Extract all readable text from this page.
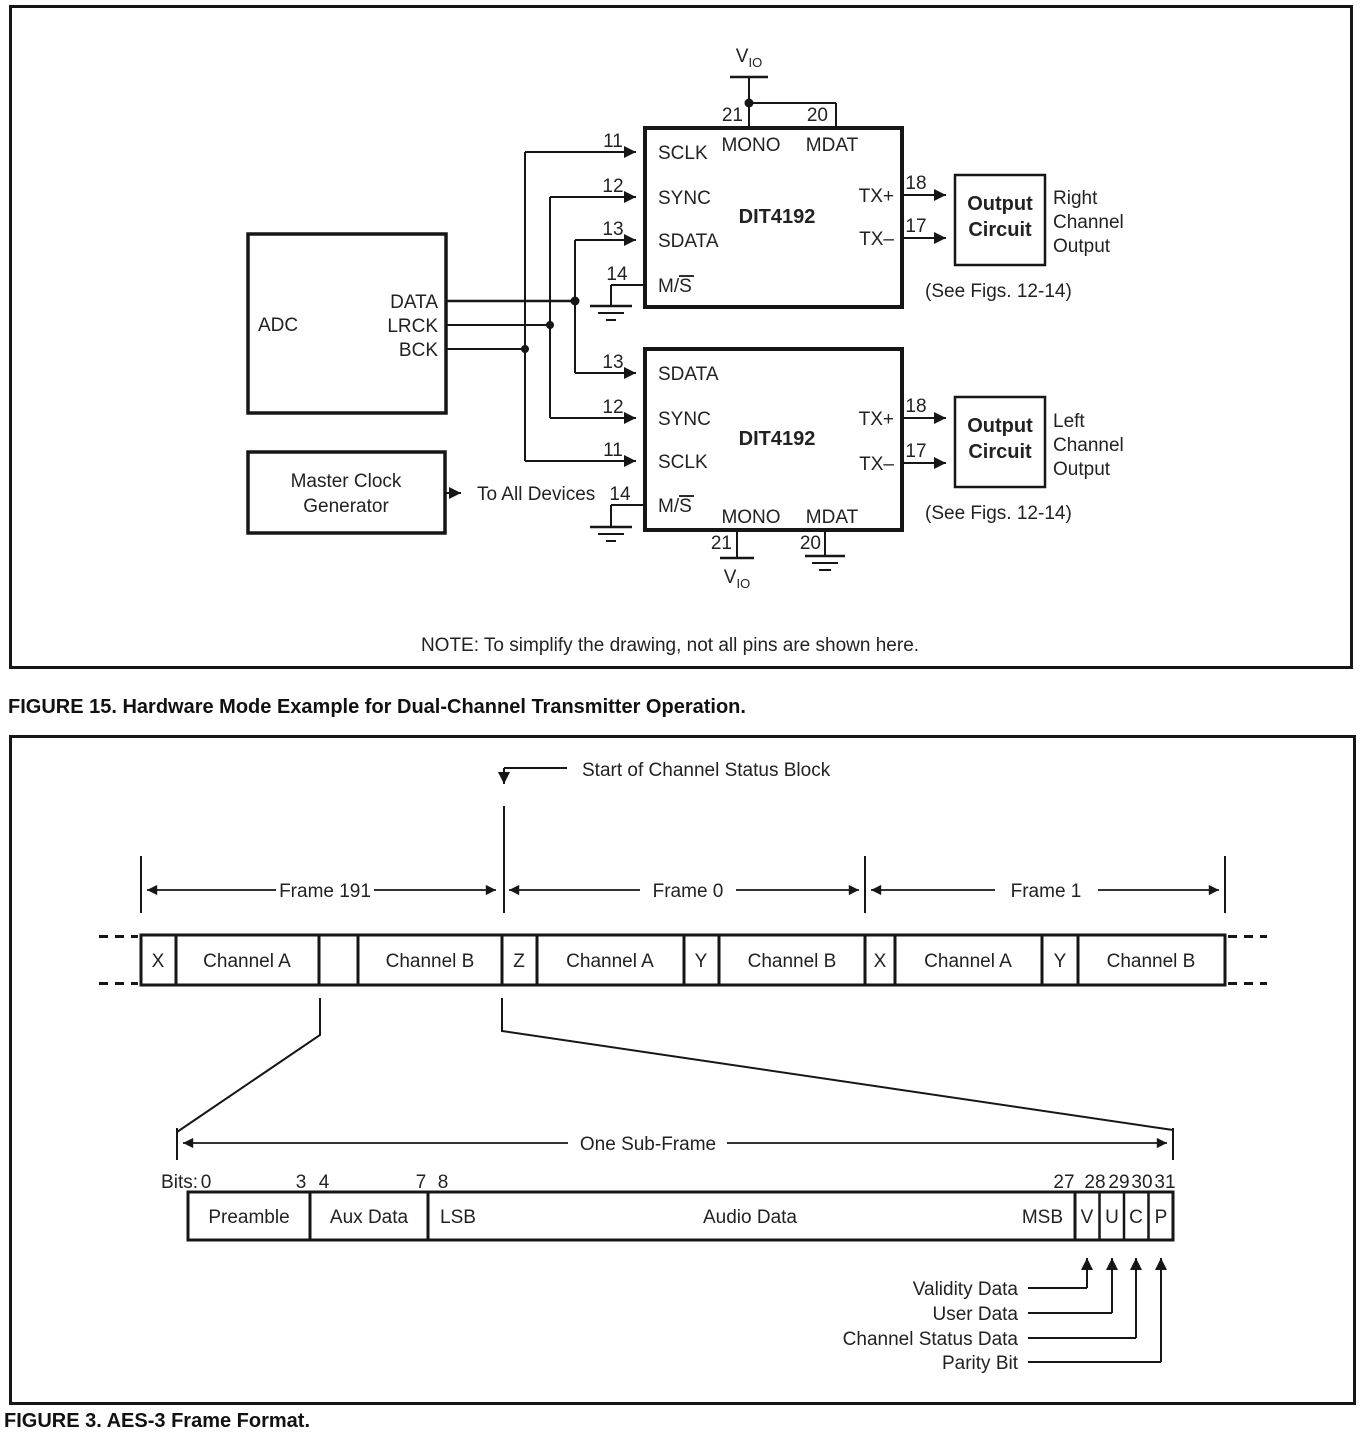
ADC
DATA
LRCK
BCK
11
12
13
14
SCLK
SYNC
SDATA
M/S
MONO MDAT
DIT4192
TX+
TX–
$V_{IO}$
21	20
18
17
Output
Circuit
Right
Channel
Output
(See Figs. 12-14)
13
12
11
14
SDATA
SYNC
SCLK
M/S
DIT4192
MONO MDAT
TX+
TX–
$V_{IO}$
21	20
18
17
Output
Circuit
Left
Channel
Output
(See Figs. 12-14)
Master Clock
Generator
To All Devices
NOTE: To simplify the drawing, not all pins are shown here.
Start of Channel Status Block
Frame 191	Frame 0	Frame 1
X Channel A	Channel B Z Channel A Y Channel B X Channel A Y Channel B
One Sub-Frame
Bits: 0	3 4	7 8	27 28 29 30 31
Preamble Aux Data LSB	Audio Data	MSB V U C P
Validity Data
User Data
Channel Status Data
Parity Bit
FIGURE 15. Hardware Mode Example for Dual-Channel Transmitter Operation.
FIGURE 3. AES-3 Frame Format.
